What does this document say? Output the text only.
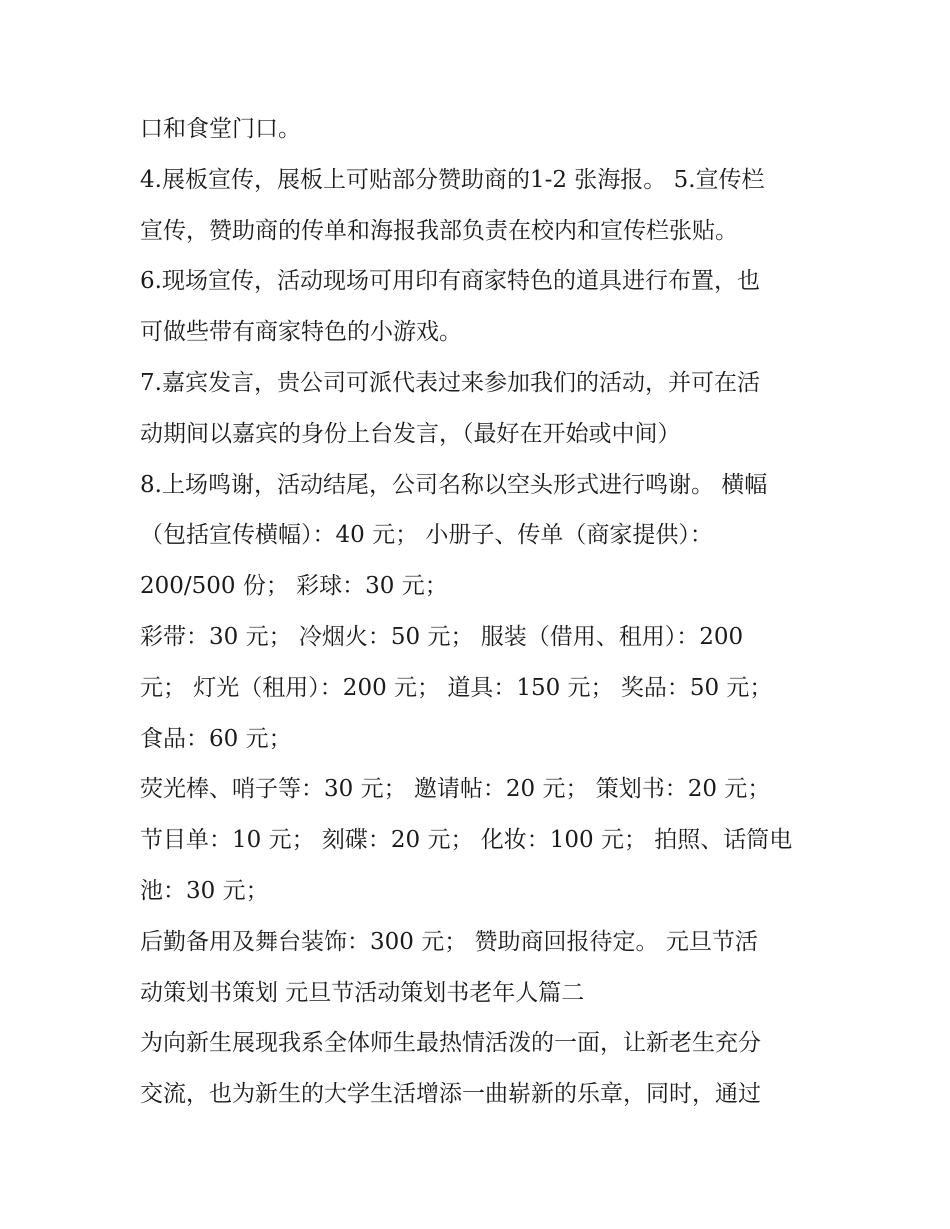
口和食堂门口。
4.展板宣传，展板上可贴部分赞助商的1-2 张海报。 5.宣传栏
宣传，赞助商的传单和海报我部负责在校内和宣传栏张贴。
6.现场宣传，活动现场可用印有商家特色的道具进行布置，也
可做些带有商家特色的小游戏。
7.嘉宾发言，贵公司可派代表过来参加我们的活动，并可在活
动期间以嘉宾的身份上台发言，（最好在开始或中间）
8.上场鸣谢，活动结尾，公司名称以空头形式进行鸣谢。 横幅
（包括宣传横幅）：40 元； 小册子、传单（商家提供）：
200/500 份； 彩球：30 元；
彩带：30 元； 冷烟火：50 元； 服装（借用、租用）：200
元； 灯光（租用）：200 元； 道具：150 元； 奖品：50 元；
食品：60 元；
荧光棒、哨子等：30 元； 邀请帖：20 元； 策划书：20 元；
节目单：10 元； 刻碟：20 元； 化妆：100 元； 拍照、话筒电
池：30 元；
后勤备用及舞台装饰：300 元； 赞助商回报待定。 元旦节活
动策划书策划 元旦节活动策划书老年人篇二
为向新生展现我系全体师生最热情活泼的一面，让新老生充分
交流，也为新生的大学生活增添一曲崭新的乐章，同时，通过
